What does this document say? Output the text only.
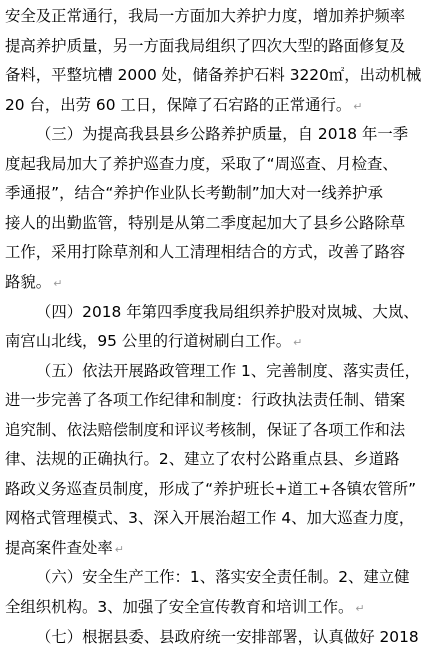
安全及正常通行，我局一方面加大养护力度，增加养护频率
提高养护质量，另一方面我局组织了四次大型的路面修复及
备料，平整坑槽 2000 处，储备养护石料 3220㎡，出动机械
20 台，出劳 60 工日，保障了石宕路的正常通行。 ↵
（三）为提高我县县乡公路养护质量，自 2018 年一季
度起我局加大了养护巡查力度，采取了“周巡查、月检查、
季通报”，结合“养护作业队长考勤制”加大对一线养护承
接人的出勤监管，特别是从第二季度起加大了县乡公路除草
工作，采用打除草剂和人工清理相结合的方式，改善了路容
路貌。 ↵
（四）2018 年第四季度我局组织养护股对岚城、大岚、
南宫山北线，95 公里的行道树刷白工作。 ↵
（五）依法开展路政管理工作 1、完善制度、落实责任，
进一步完善了各项工作纪律和制度：行政执法责任制、错案
追究制、依法赔偿制度和评议考核制，保证了各项工作和法
律、法规的正确执行。2、建立了农村公路重点县、乡道路
路政义务巡查员制度，形成了“养护班长+道工+各镇农管所”
网格式管理模式、3、深入开展治超工作 4、加大巡查力度，
提高案件查处率 ↵
（六）安全生产工作：1、落实安全责任制。2、建立健
全组织机构。3、加强了安全宣传教育和培训工作。 ↵
（七）根据县委、县政府统一安排部署，认真做好 2018
